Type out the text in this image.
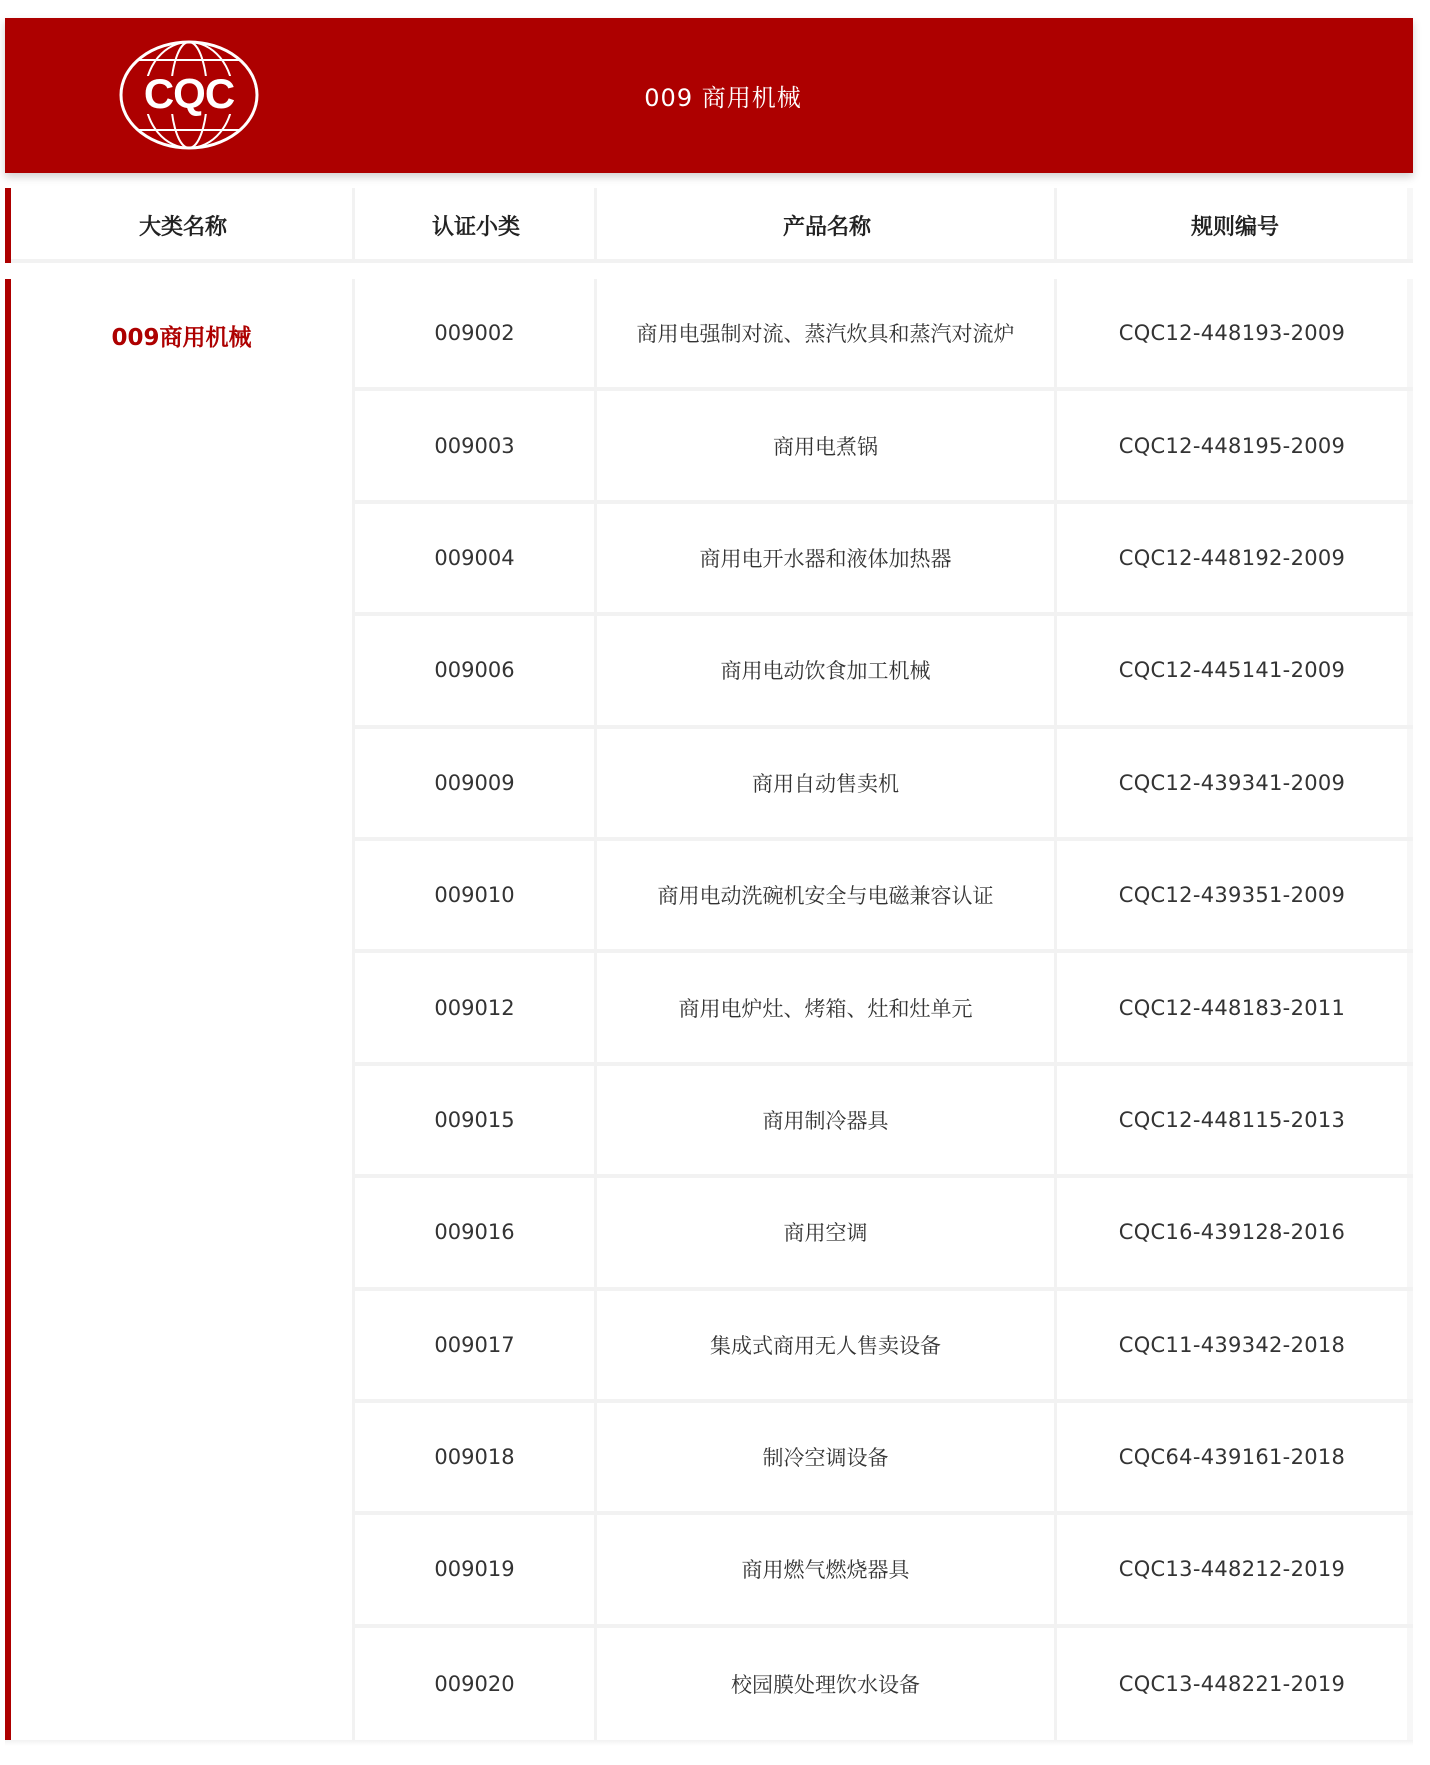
CQC	009 商用机械
大类名称	认证小类	产品名称	规则编号
009商用机械	009002	商用电强制对流、蒸汽炊具和蒸汽对流炉	CQC12-448193-2009
009003	商用电煮锅	CQC12-448195-2009
009004	商用电开水器和液体加热器	CQC12-448192-2009
009006	商用电动饮食加工机械	CQC12-445141-2009
009009	商用自动售卖机	CQC12-439341-2009
009010	商用电动洗碗机安全与电磁兼容认证	CQC12-439351-2009
009012	商用电炉灶、烤箱、灶和灶单元	CQC12-448183-2011
009015	商用制冷器具	CQC12-448115-2013
009016	商用空调	CQC16-439128-2016
009017	集成式商用无人售卖设备	CQC11-439342-2018
009018	制冷空调设备	CQC64-439161-2018
009019	商用燃气燃烧器具	CQC13-448212-2019
009020	校园膜处理饮水设备	CQC13-448221-2019
